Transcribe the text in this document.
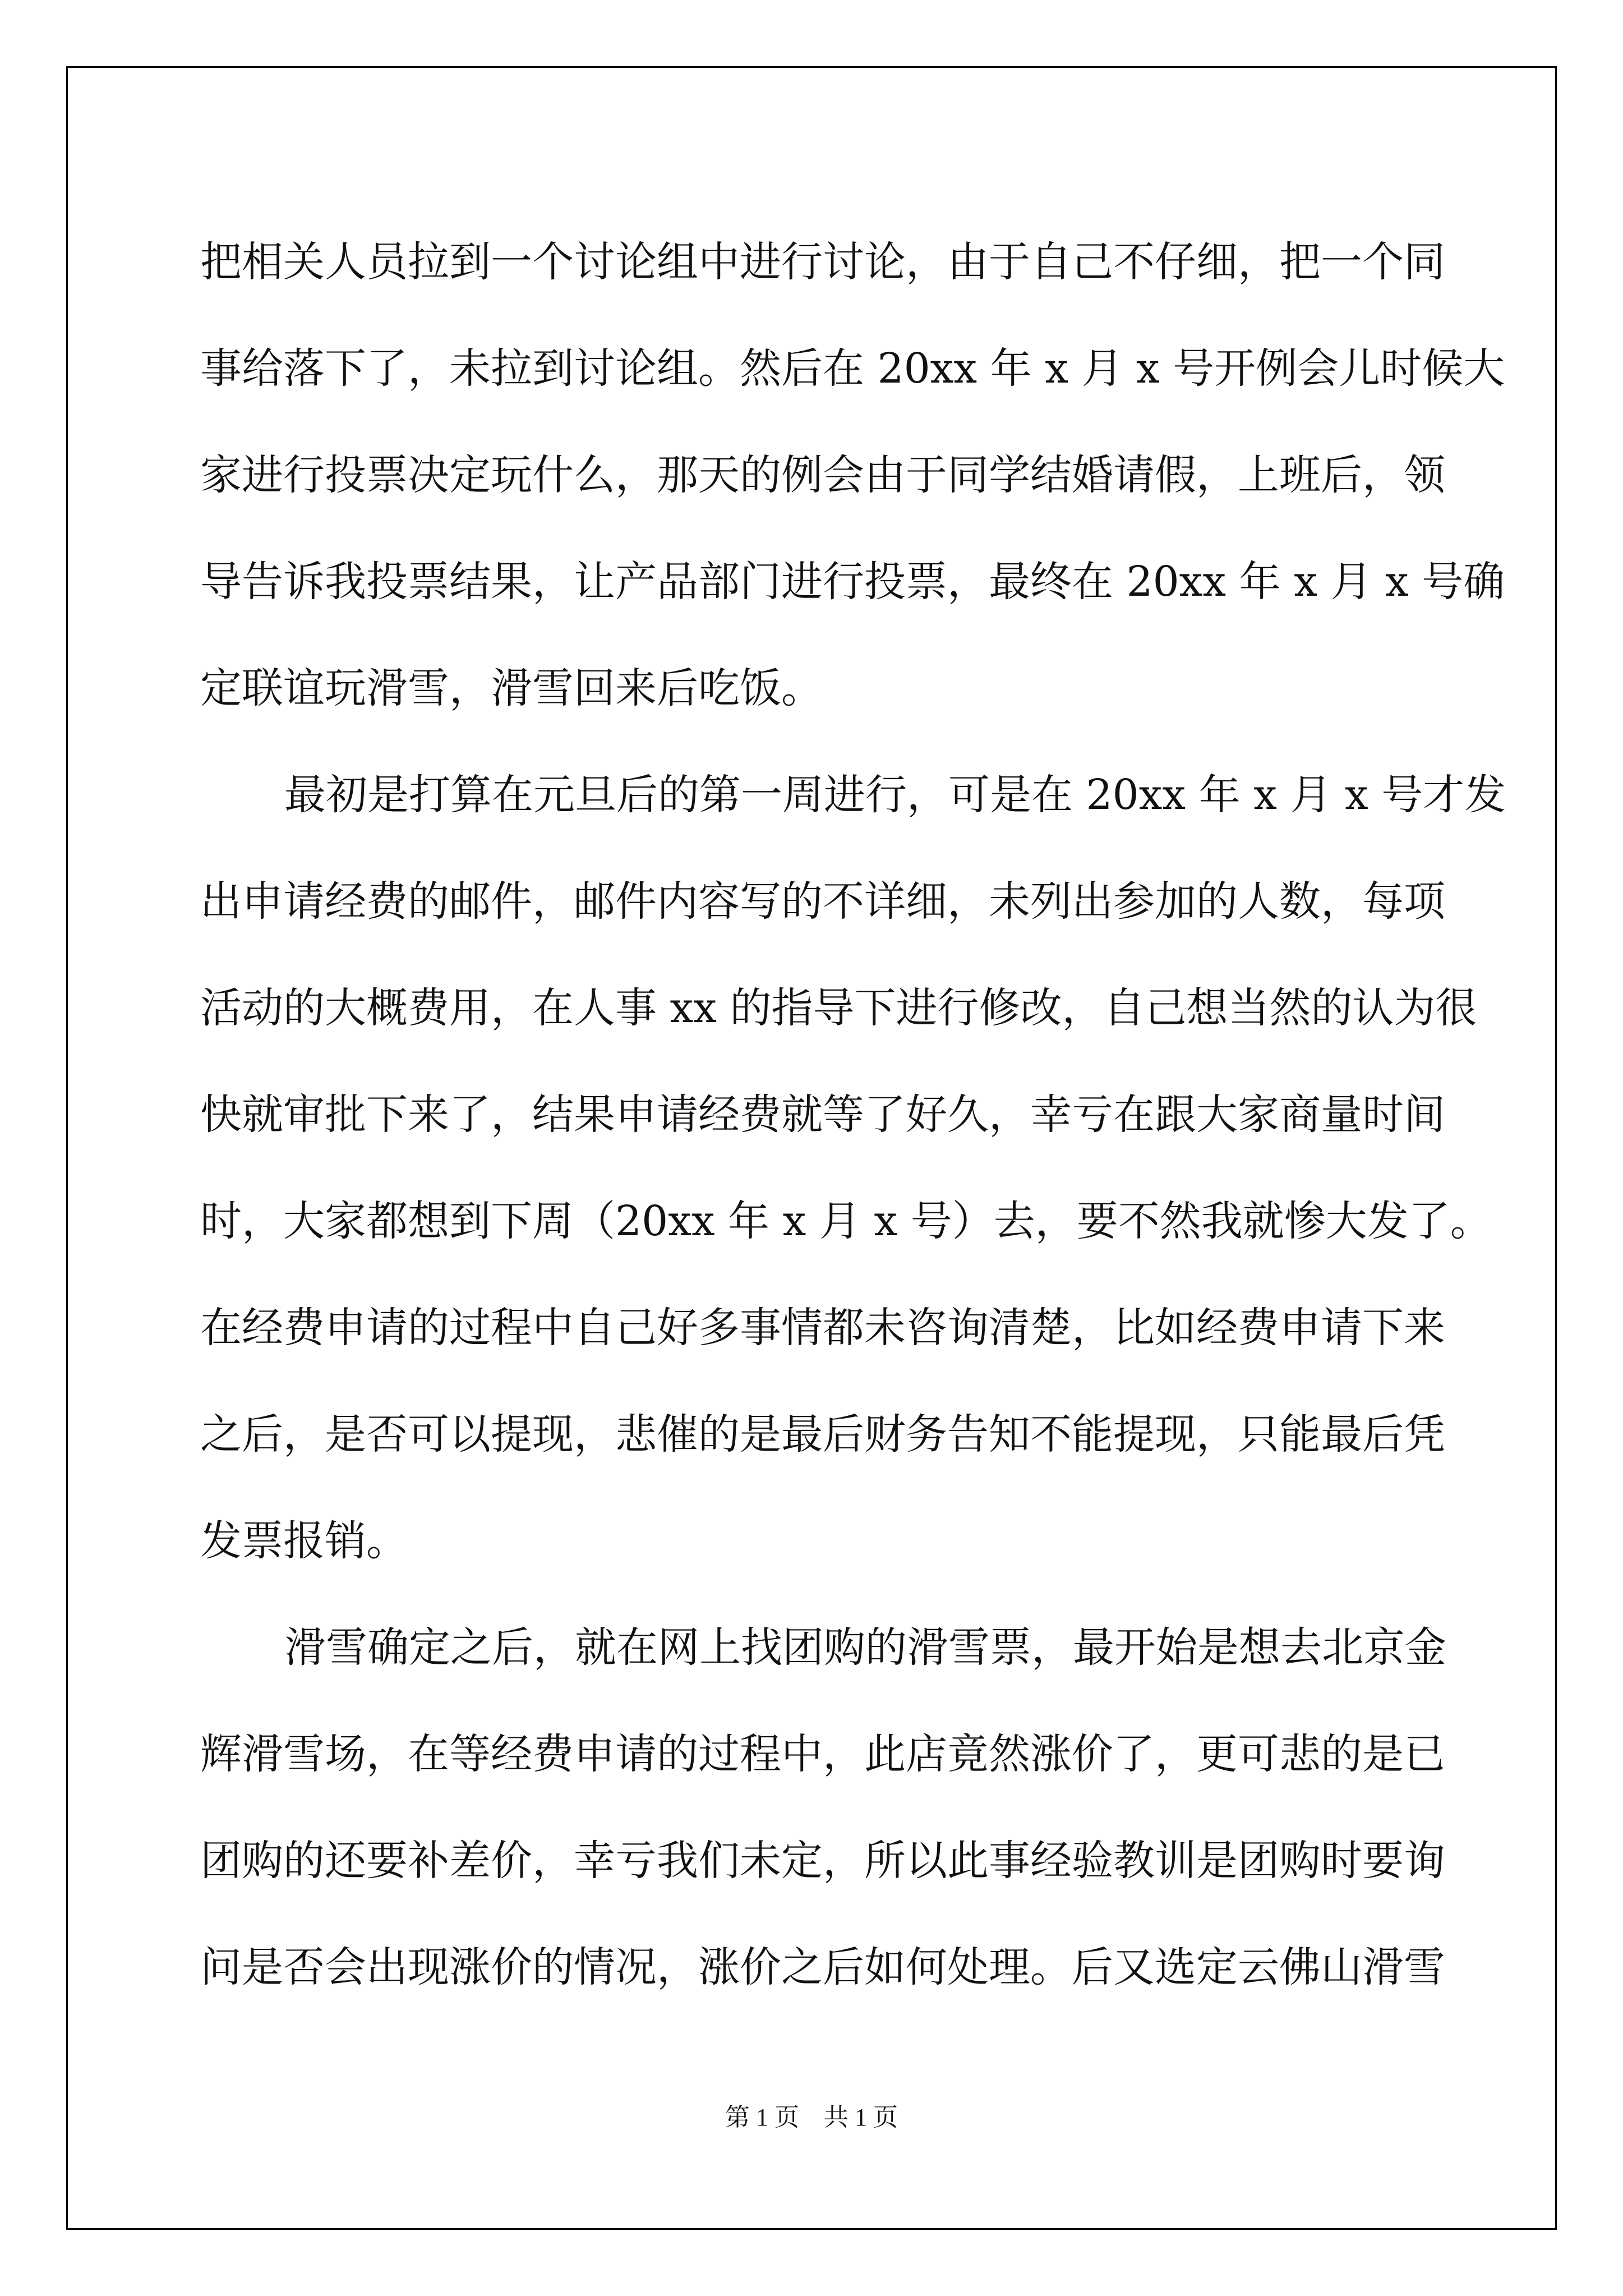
把相关人员拉到一个讨论组中进行讨论，由于自己不仔细，把一个同
事给落下了，未拉到讨论组。然后在 20xx 年 x 月 x 号开例会儿时候大
家进行投票决定玩什么，那天的例会由于同学结婚请假，上班后，领
导告诉我投票结果，让产品部门进行投票，最终在 20xx 年 x 月 x 号确
定联谊玩滑雪，滑雪回来后吃饭。
最初是打算在元旦后的第一周进行，可是在 20xx 年 x 月 x 号才发
出申请经费的邮件，邮件内容写的不详细，未列出参加的人数，每项
活动的大概费用，在人事 xx 的指导下进行修改，自己想当然的认为很
快就审批下来了，结果申请经费就等了好久，幸亏在跟大家商量时间
时，大家都想到下周（20xx 年 x 月 x 号）去，要不然我就惨大发了。
在经费申请的过程中自己好多事情都未咨询清楚，比如经费申请下来
之后，是否可以提现，悲催的是最后财务告知不能提现，只能最后凭
发票报销。
滑雪确定之后，就在网上找团购的滑雪票，最开始是想去北京金
辉滑雪场，在等经费申请的过程中，此店竟然涨价了，更可悲的是已
团购的还要补差价，幸亏我们未定，所以此事经验教训是团购时要询
问是否会出现涨价的情况，涨价之后如何处理。后又选定云佛山滑雪
第 1 页 共 1 页
